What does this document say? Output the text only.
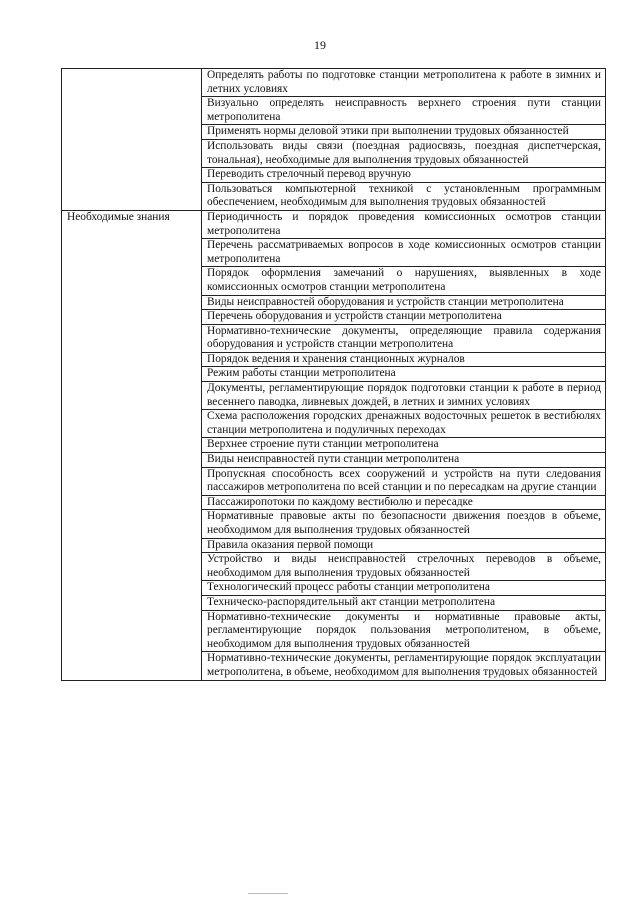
19
	Определять работы по подготовке станции метрополитена к работе в зимних и летних условиях
	Визуально определять неисправность верхнего строения пути станции метрополитена
	Применять нормы деловой этики при выполнении трудовых обязанностей
	Использовать виды связи (поездная радиосвязь, поездная диспетчерская, тональная), необходимые для выполнения трудовых обязанностей
	Переводить стрелочный перевод вручную
	Пользоваться компьютерной техникой с установленным программным обеспечением, необходимым для выполнения трудовых обязанностей
Необходимые знания	Периодичность и порядок проведения комиссионных осмотров станции метрополитена
	Перечень рассматриваемых вопросов в ходе комиссионных осмотров станции метрополитена
	Порядок оформления замечаний о нарушениях, выявленных в ходе комиссионных осмотров станции метрополитена
	Виды неисправностей оборудования и устройств станции метрополитена
	Перечень оборудования и устройств станции метрополитена
	Нормативно-технические документы, определяющие правила содержания оборудования и устройств станции метрополитена
	Порядок ведения и хранения станционных журналов
	Режим работы станции метрополитена
	Документы, регламентирующие порядок подготовки станции к работе в период весеннего паводка, ливневых дождей, в летних и зимних условиях
	Схема расположения городских дренажных водосточных решеток в вестибюлях станции метрополитена и подуличных переходах
	Верхнее строение пути станции метрополитена
	Виды неисправностей пути станции метрополитена
	Пропускная способность всех сооружений и устройств на пути следования пассажиров метрополитена по всей станции и по пересадкам на другие станции
	Пассажиропотоки по каждому вестибюлю и пересадке
	Нормативные правовые акты по безопасности движения поездов в объеме, необходимом для выполнения трудовых обязанностей
	Правила оказания первой помощи
	Устройство и виды неисправностей стрелочных переводов в объеме, необходимом для выполнения трудовых обязанностей
	Технологический процесс работы станции метрополитена
	Техническо-распорядительный акт станции метрополитена
	Нормативно-технические документы и нормативные правовые акты, регламентирующие порядок пользования метрополитеном, в объеме, необходимом для выполнения трудовых обязанностей
	Нормативно-технические документы, регламентирующие порядок эксплуатации метрополитена, в объеме, необходимом для выполнения трудовых обязанностей
